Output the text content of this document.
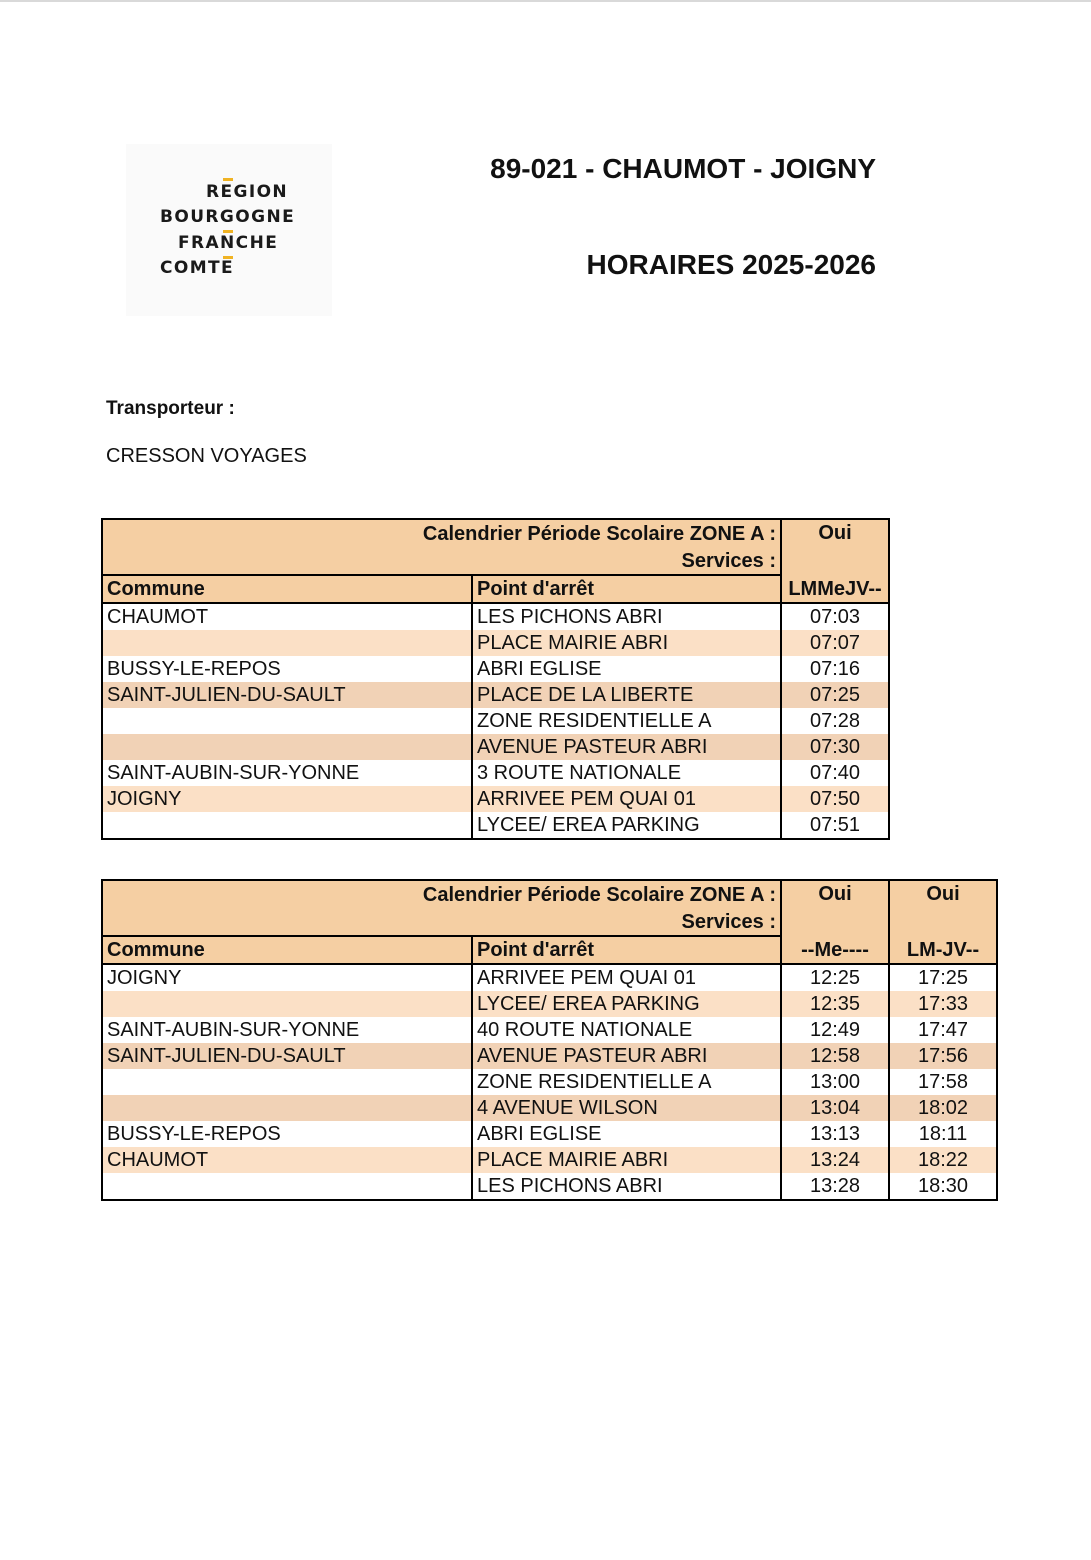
REGION
BOURGOGNE
FRANCHE
COMTE
89-021 - CHAUMOT - JOIGNY
HORAIRES 2025-2026
Transporteur :
CRESSON VOYAGES
Calendrier Période Scolaire ZONE A :		Oui
Services :		
Commune	Point d'arrêt	LMMeJV--
CHAUMOT	LES PICHONS ABRI	07:03
	PLACE MAIRIE ABRI	07:07
BUSSY-LE-REPOS	ABRI EGLISE	07:16
SAINT-JULIEN-DU-SAULT	PLACE DE LA LIBERTE	07:25
	ZONE RESIDENTIELLE A	07:28
	AVENUE PASTEUR ABRI	07:30
SAINT-AUBIN-SUR-YONNE	3 ROUTE NATIONALE	07:40
JOIGNY	ARRIVEE PEM QUAI 01	07:50
	LYCEE/ EREA PARKING	07:51
Calendrier Période Scolaire ZONE A :		Oui	Oui
Services :			
Commune	Point d'arrêt	--Me----	LM-JV--
JOIGNY	ARRIVEE PEM QUAI 01	12:25	17:25
	LYCEE/ EREA PARKING	12:35	17:33
SAINT-AUBIN-SUR-YONNE	40 ROUTE NATIONALE	12:49	17:47
SAINT-JULIEN-DU-SAULT	AVENUE PASTEUR ABRI	12:58	17:56
	ZONE RESIDENTIELLE A	13:00	17:58
	4 AVENUE WILSON	13:04	18:02
BUSSY-LE-REPOS	ABRI EGLISE	13:13	18:11
CHAUMOT	PLACE MAIRIE ABRI	13:24	18:22
	LES PICHONS ABRI	13:28	18:30
